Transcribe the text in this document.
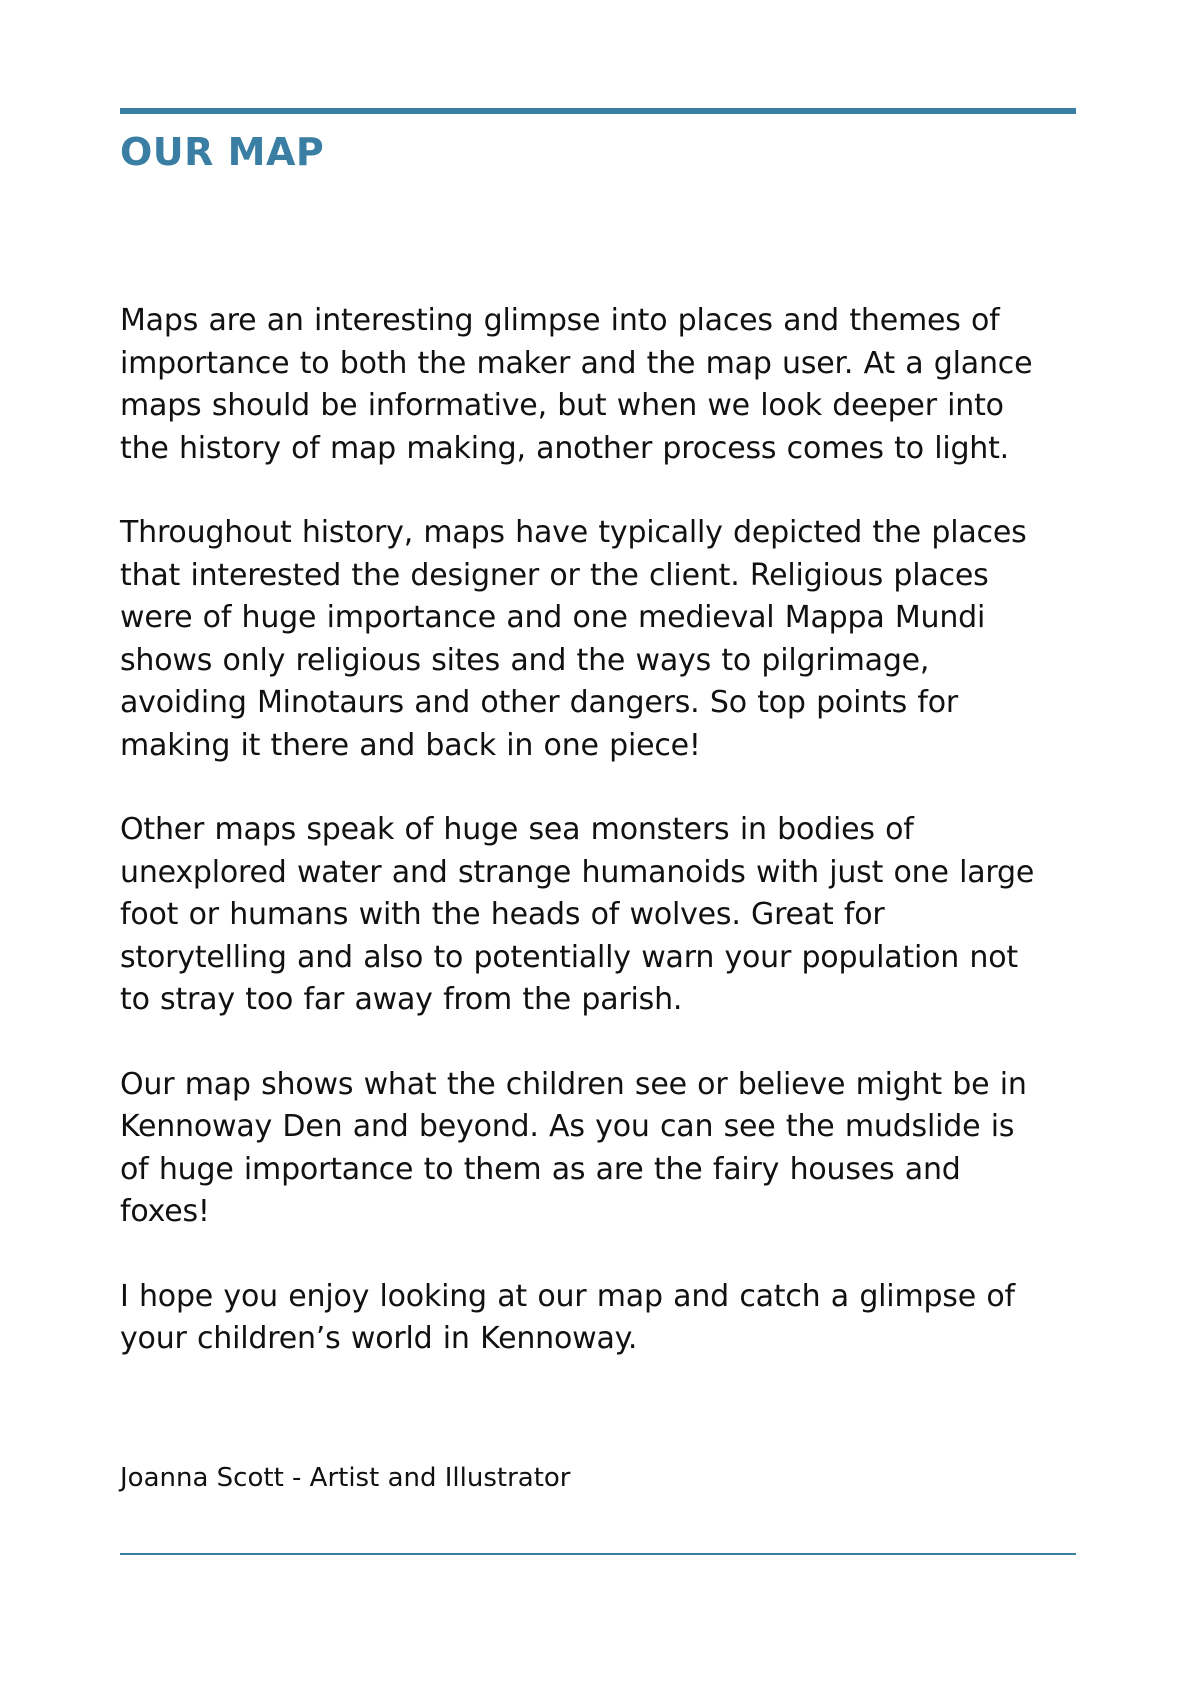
OUR MAP

Maps are an interesting glimpse into places and themes of
importance to both the maker and the map user. At a glance
maps should be informative, but when we look deeper into
the history of map making, another process comes to light.

Throughout history, maps have typically depicted the places
that interested the designer or the client. Religious places
were of huge importance and one medieval Mappa Mundi
shows only religious sites and the ways to pilgrimage,
avoiding Minotaurs and other dangers. So top points for
making it there and back in one piece!

Other maps speak of huge sea monsters in bodies of
unexplored water and strange humanoids with just one large
foot or humans with the heads of wolves. Great for
storytelling and also to potentially warn your population not
to stray too far away from the parish.

Our map shows what the children see or believe might be in
Kennoway Den and beyond. As you can see the mudslide is
of huge importance to them as are the fairy houses and
foxes!

I hope you enjoy looking at our map and catch a glimpse of
your children’s world in Kennoway.

Joanna Scott - Artist and Illustrator
